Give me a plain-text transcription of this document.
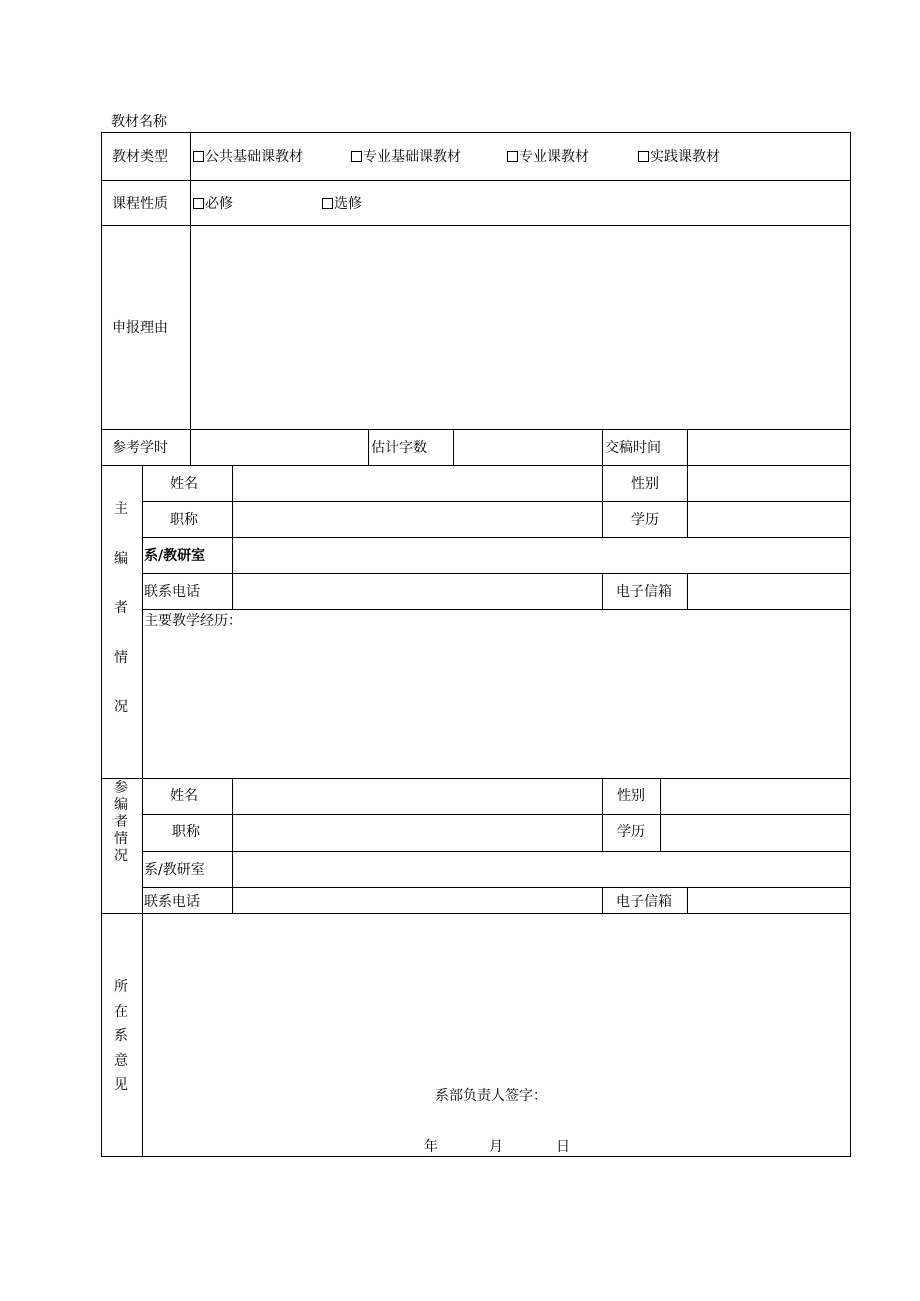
教材名称
教材类型	公共基础课教材	专业基础课教材	专业课教材	实践课教材
课程性质	必修	选修
申报理由
参考学时	估计字数	交稿时间
主
编
者
情
况
姓名	性别
职称	学历
系/教研室
联系电话	电子信箱
主要教学经历：
参
编
者
情
况
姓名	性别
职称	学历
系/教研室
联系电话	电子信箱
所
在
系
意
见
系部负责人签字：
年	月	日
